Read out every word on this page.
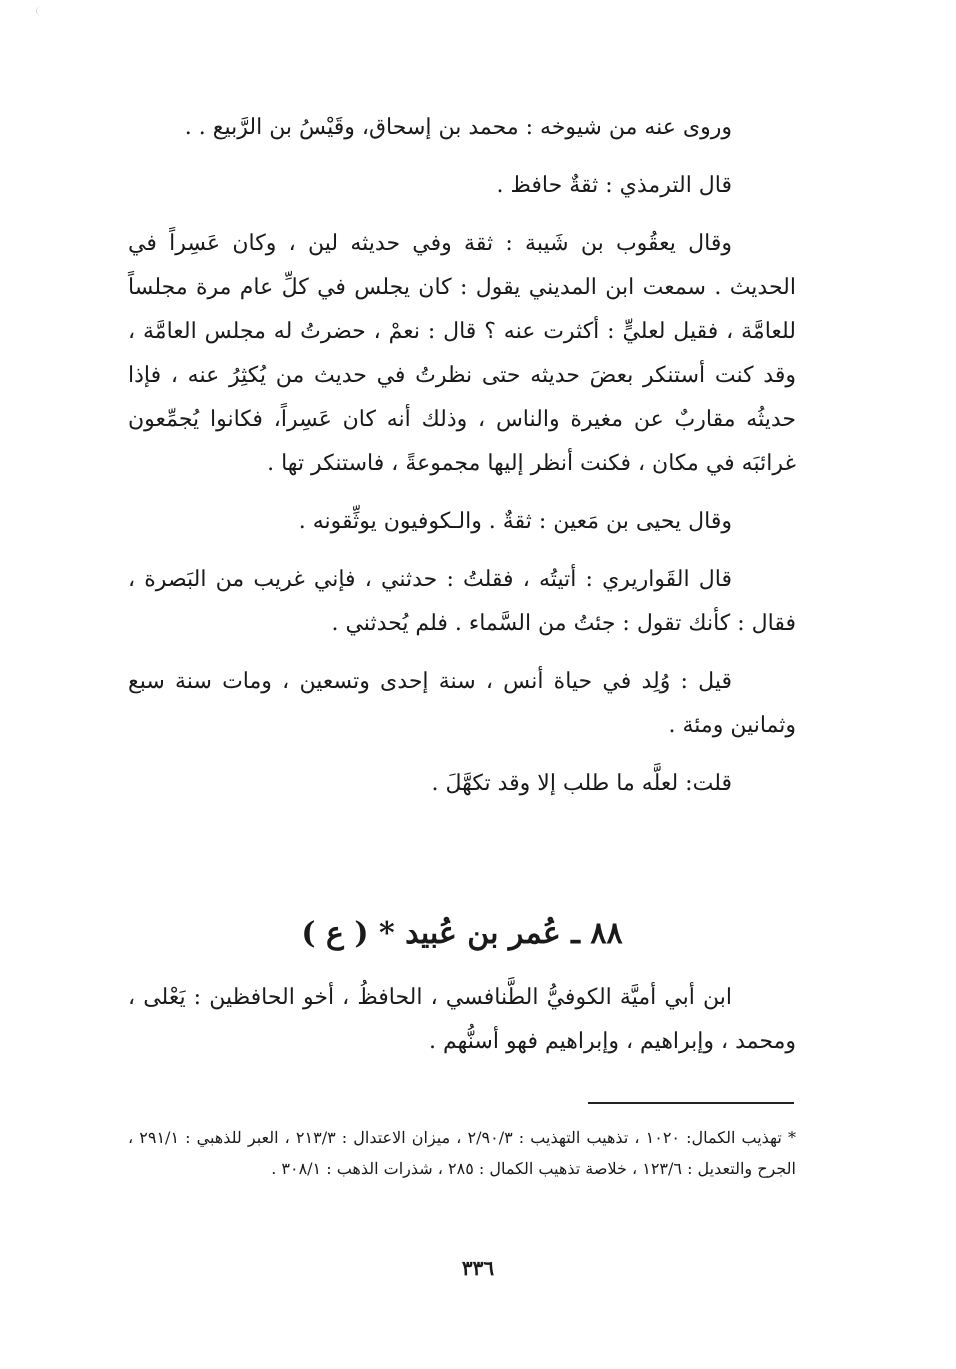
وروى عنه من شيوخه : محمد بن إسحاق، وقَيْسُ بن الرَّبيع . .

قال الترمذي : ثقةٌ حافظ .

وقال يعقُوب بن شَيبة : ثقة وفي حديثه لين ، وكان عَسِراً في الحديث . سمعت ابن المديني يقول : كان يجلس في كلِّ عام مرة مجلساً للعامَّة ، فقيل لعليٍّ : أكثرت عنه ؟ قال : نعمْ ، حضرتُ له مجلس العامَّة ، وقد كنت أستنكر بعضَ حديثه حتى نظرتُ في حديث من يُكثِرُ عنه ، فإذا حديثُه مقاربٌ عن مغيرة والناس ، وذلك أنه كان عَسِراً، فكانوا يُجمِّعون غرائبَه في مكان ، فكنت أنظر إليها مجموعةً ، فاستنكر تها .

وقال يحيى بن مَعين : ثقةٌ . والـكوفيون يوثِّقونه .

قال القَواريري : أتيتُه ، فقلتُ : حدثني ، فإني غريب من البَصرة ، فقال : كأنك تقول : جئتُ من السَّماء . فلم يُحدثني .

قيل : وُلِد في حياة أنس ، سنة إحدى وتسعين ، ومات سنة سبع وثمانين ومئة .

قلت: لعلَّه ما طلب إلا وقد تكهَّلَ .

٨٨ ـ عُمر بن عُبيد * ( ع )

ابن أبي أميَّة الكوفيُّ الطَّنافسي ، الحافظُ ، أخو الحافظين : يَعْلى ، ومحمد ، وإبراهيم ، وإبراهيم فهو أسنُّهم .

* تهذيب الكمال: ١٠٢٠ ، تذهيب التهذيب : ٢/٩٠/٣ ، ميزان الاعتدال : ٢١٣/٣ ، العبر للذهبي : ٢٩١/١ ، الجرح والتعديل : ١٢٣/٦ ، خلاصة تذهيب الكمال : ٢٨٥ ، شذرات الذهب : ٣٠٨/١ .

٣٣٦
